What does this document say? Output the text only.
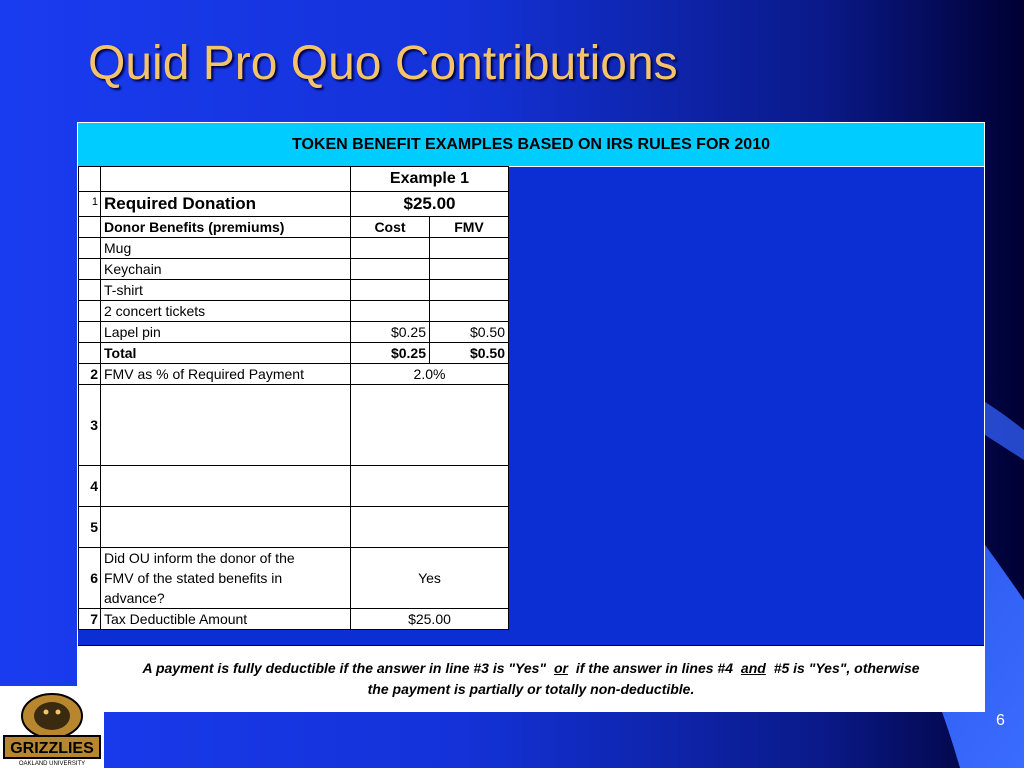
Quid Pro Quo Contributions
TOKEN BENEFIT EXAMPLES BASED ON IRS RULES FOR 2010
		Example 1	
1	Required Donation	$25.00	
	Donor Benefits (premiums)	Cost	FMV
	Mug		
	Keychain		
	T-shirt		
	2 concert tickets		
	Lapel pin	$0.25	$0.50
	Total	$0.25	$0.50
2	FMV as % of Required Payment	2.0%	
3	Is the FMV of all benefits
received less than or equal to 2%
of the required payment or $96,
whichever is less?	Yes	
4	Is the donors required payment
$48 or more?	No	
5	Is the total cost of all benefits
received $9.60 or less?	Yes	
6	Did OU inform the donor of the
FMV of the stated benefits in
advance?	Yes	
7	Tax Deductible Amount	$25.00	
A payment is fully deductible if the answer in line #3 is "Yes" or if the answer in lines #4 and #5 is "Yes", otherwise
the payment is partially or totally non-deductible.
GRIZZLIES
OAKLAND UNIVERSITY
6
